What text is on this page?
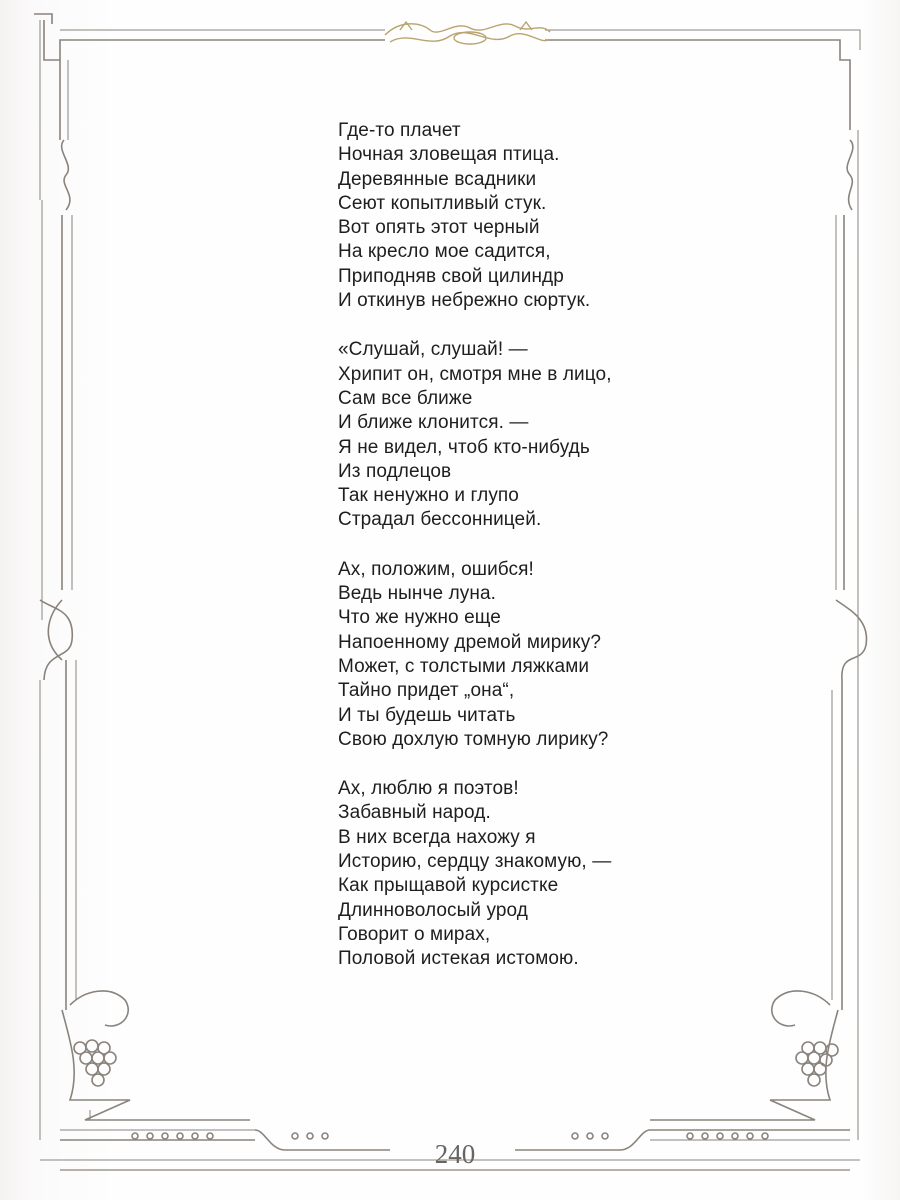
Где-то плачет
Ночная зловещая птица.
Деревянные всадники
Сеют копытливый стук.
Вот опять этот черный
На кресло мое садится,
Приподняв свой цилиндр
И откинув небрежно сюртук.
«Слушай, слушай! —
Хрипит он, смотря мне в лицо,
Сам все ближе
И ближе клонится. —
Я не видел, чтоб кто-нибудь
Из подлецов
Так ненужно и глупо
Страдал бессонницей.
Ах, положим, ошибся!
Ведь нынче луна.
Что же нужно еще
Напоенному дремой мирику?
Может, с толстыми ляжками
Тайно придет „она“,
И ты будешь читать
Свою дохлую томную лирику?
Ах, люблю я поэтов!
Забавный народ.
В них всегда нахожу я
Историю, сердцу знакомую, —
Как прыщавой курсистке
Длинноволосый урод
Говорит о мирах,
Половой истекая истомою.
240
